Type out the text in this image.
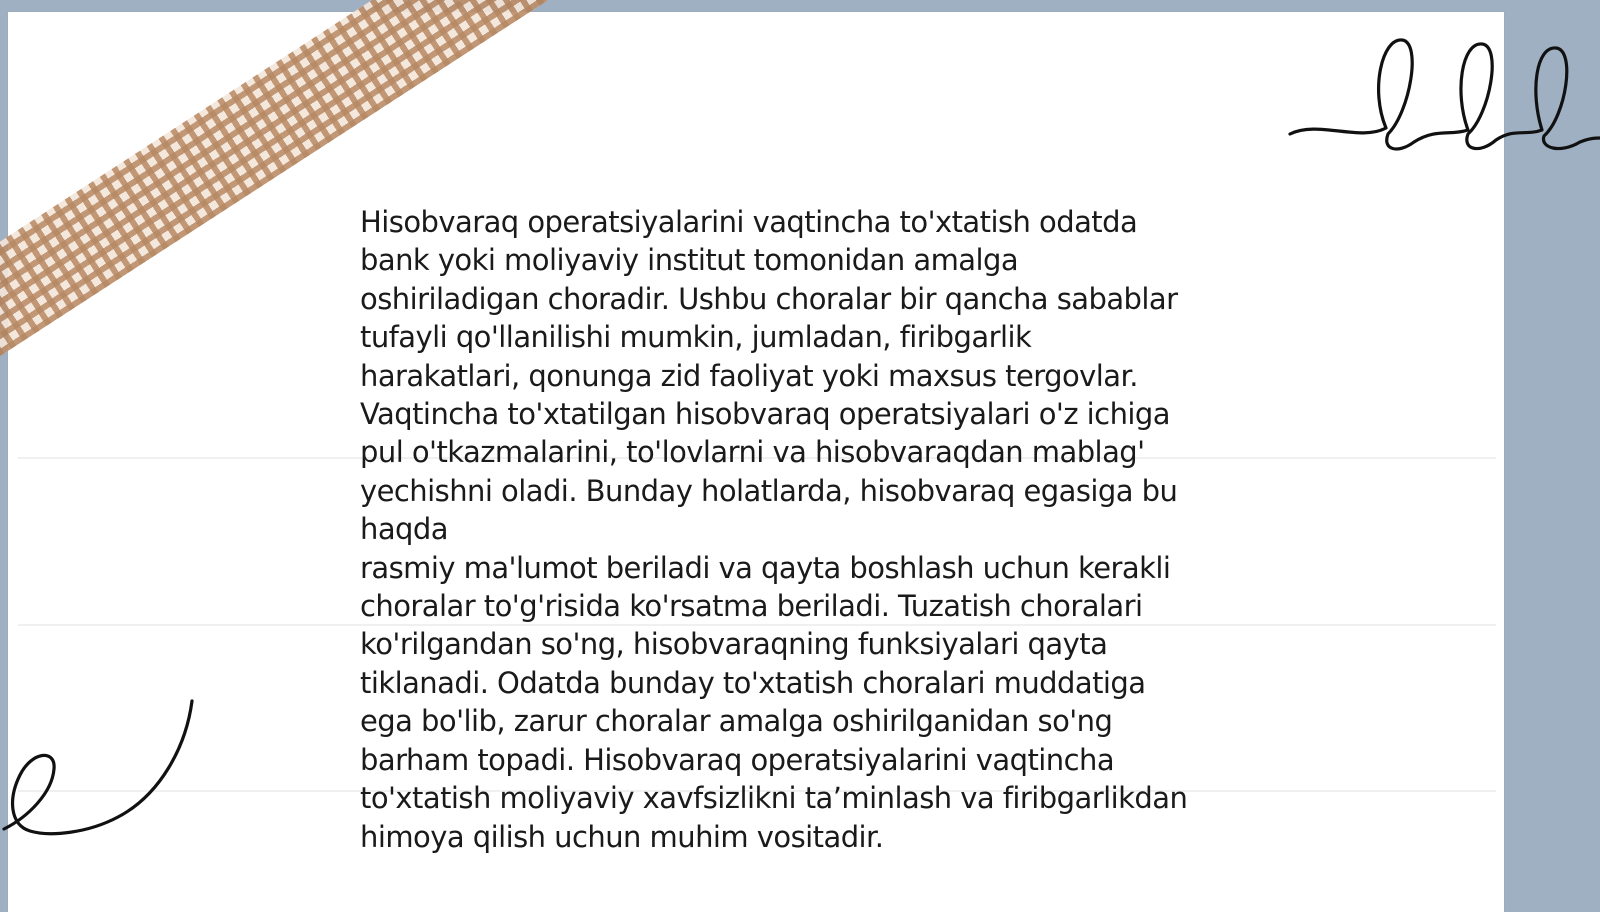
Hisobvaraq operatsiyalarini vaqtincha to'xtatish odatda
bank yoki moliyaviy institut tomonidan amalga
oshiriladigan choradir. Ushbu choralar bir qancha sabablar
tufayli qo'llanilishi mumkin, jumladan, firibgarlik
harakatlari, qonunga zid faoliyat yoki maxsus tergovlar.
Vaqtincha to'xtatilgan hisobvaraq operatsiyalari o'z ichiga
pul o'tkazmalarini, to'lovlarni va hisobvaraqdan mablag'
yechishni oladi. Bunday holatlarda, hisobvaraq egasiga bu
haqda
rasmiy ma'lumot beriladi va qayta boshlash uchun kerakli
choralar to'g'risida ko'rsatma beriladi. Tuzatish choralari
ko'rilgandan so'ng, hisobvaraqning funksiyalari qayta
tiklanadi. Odatda bunday to'xtatish choralari muddatiga
ega bo'lib, zarur choralar amalga oshirilganidan so'ng
barham topadi. Hisobvaraq operatsiyalarini vaqtincha
to'xtatish moliyaviy xavfsizlikni ta’minlash va firibgarlikdan
himoya qilish uchun muhim vositadir.
